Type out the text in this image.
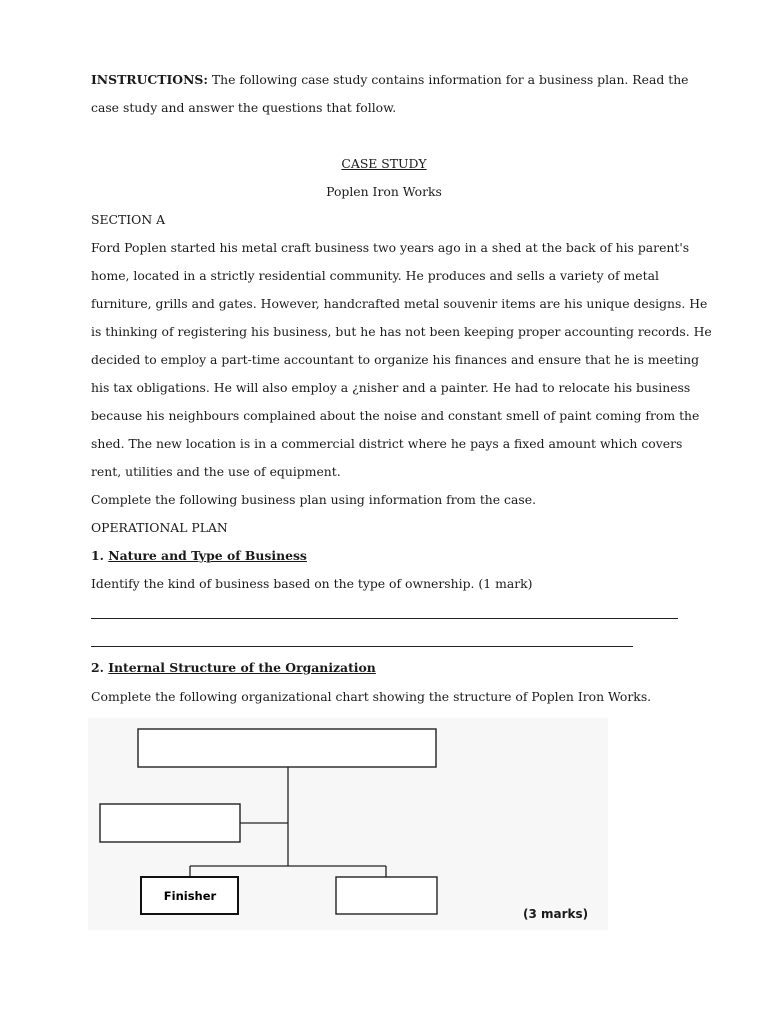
INSTRUCTIONS: The following case study contains information for a business plan. Read the
case study and answer the questions that follow.
CASE STUDY
Poplen Iron Works
SECTION A
Ford Poplen started his metal craft business two years ago in a shed at the back of his parent's
home, located in a strictly residential community. He produces and sells a variety of metal
furniture, grills and gates. However, handcrafted metal souvenir items are his unique designs. He
is thinking of registering his business, but he has not been keeping proper accounting records. He
decided to employ a part-time accountant to organize his finances and ensure that he is meeting
his tax obligations. He will also employ a ¿nisher and a painter. He had to relocate his business
because his neighbours complained about the noise and constant smell of paint coming from the
shed. The new location is in a commercial district where he pays a fixed amount which covers
rent, utilities and the use of equipment.
Complete the following business plan using information from the case.
OPERATIONAL PLAN
1. Nature and Type of Business
Identify the kind of business based on the type of ownership. (1 mark)
2. Internal Structure of the Organization
Complete the following organizational chart showing the structure of Poplen Iron Works.
Finisher
(3 marks)
